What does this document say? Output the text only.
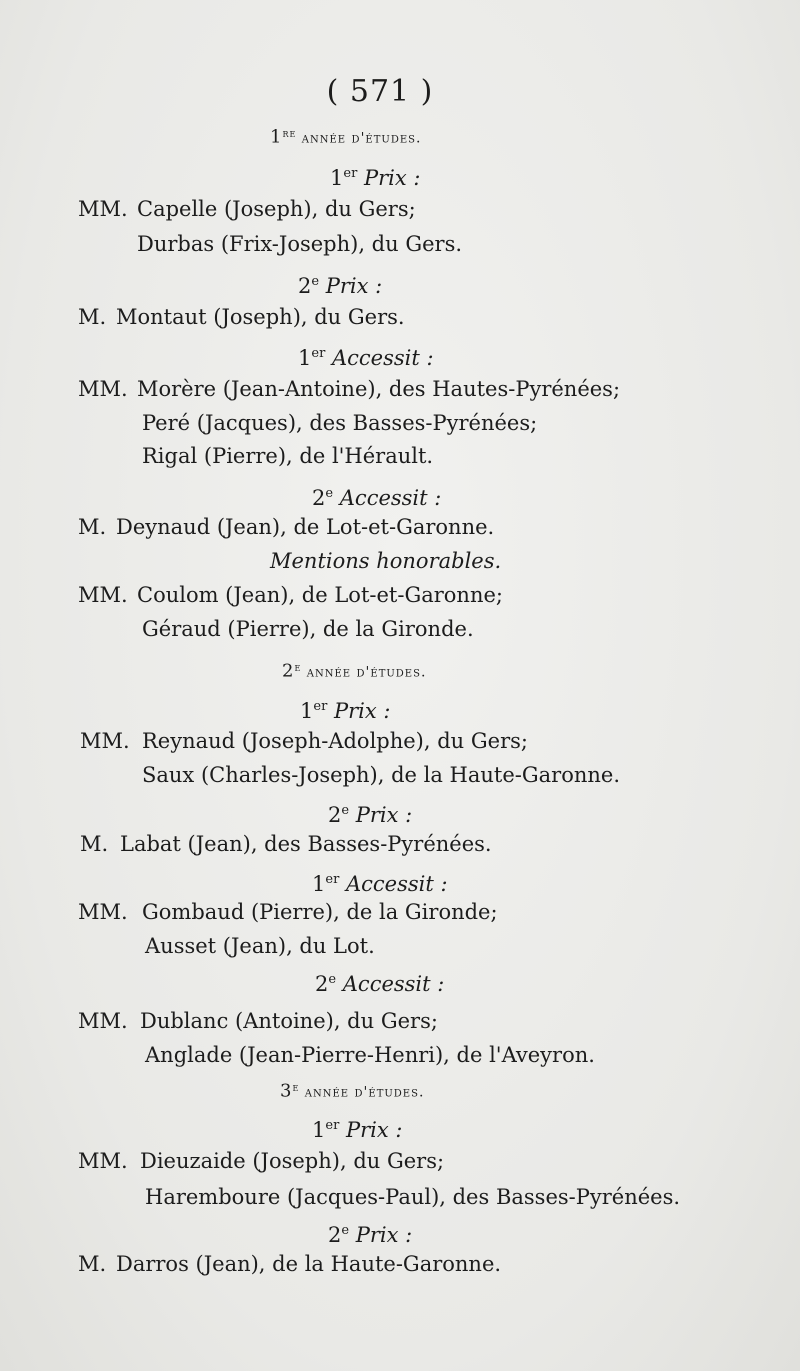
( 571 )
1re année d'études.
1er Prix :
MM. Capelle (Joseph), du Gers;
Durbas (Frix-Joseph), du Gers.
2e Prix :
M. Montaut (Joseph), du Gers.
1er Accessit :
MM. Morère (Jean-Antoine), des Hautes-Pyrénées;
Peré (Jacques), des Basses-Pyrénées;
Rigal (Pierre), de l'Hérault.
2e Accessit :
M. Deynaud (Jean), de Lot-et-Garonne.
Mentions honorables.
MM. Coulom (Jean), de Lot-et-Garonne;
Géraud (Pierre), de la Gironde.
2e année d'études.
1er Prix :
MM. Reynaud (Joseph-Adolphe), du Gers;
Saux (Charles-Joseph), de la Haute-Garonne.
2e Prix :
M. Labat (Jean), des Basses-Pyrénées.
1er Accessit :
MM. Gombaud (Pierre), de la Gironde;
Ausset (Jean), du Lot.
2e Accessit :
MM. Dublanc (Antoine), du Gers;
Anglade (Jean-Pierre-Henri), de l'Aveyron.
3e année d'études.
1er Prix :
MM. Dieuzaide (Joseph), du Gers;
Haremboure (Jacques-Paul), des Basses-Pyrénées.
2e Prix :
M. Darros (Jean), de la Haute-Garonne.
